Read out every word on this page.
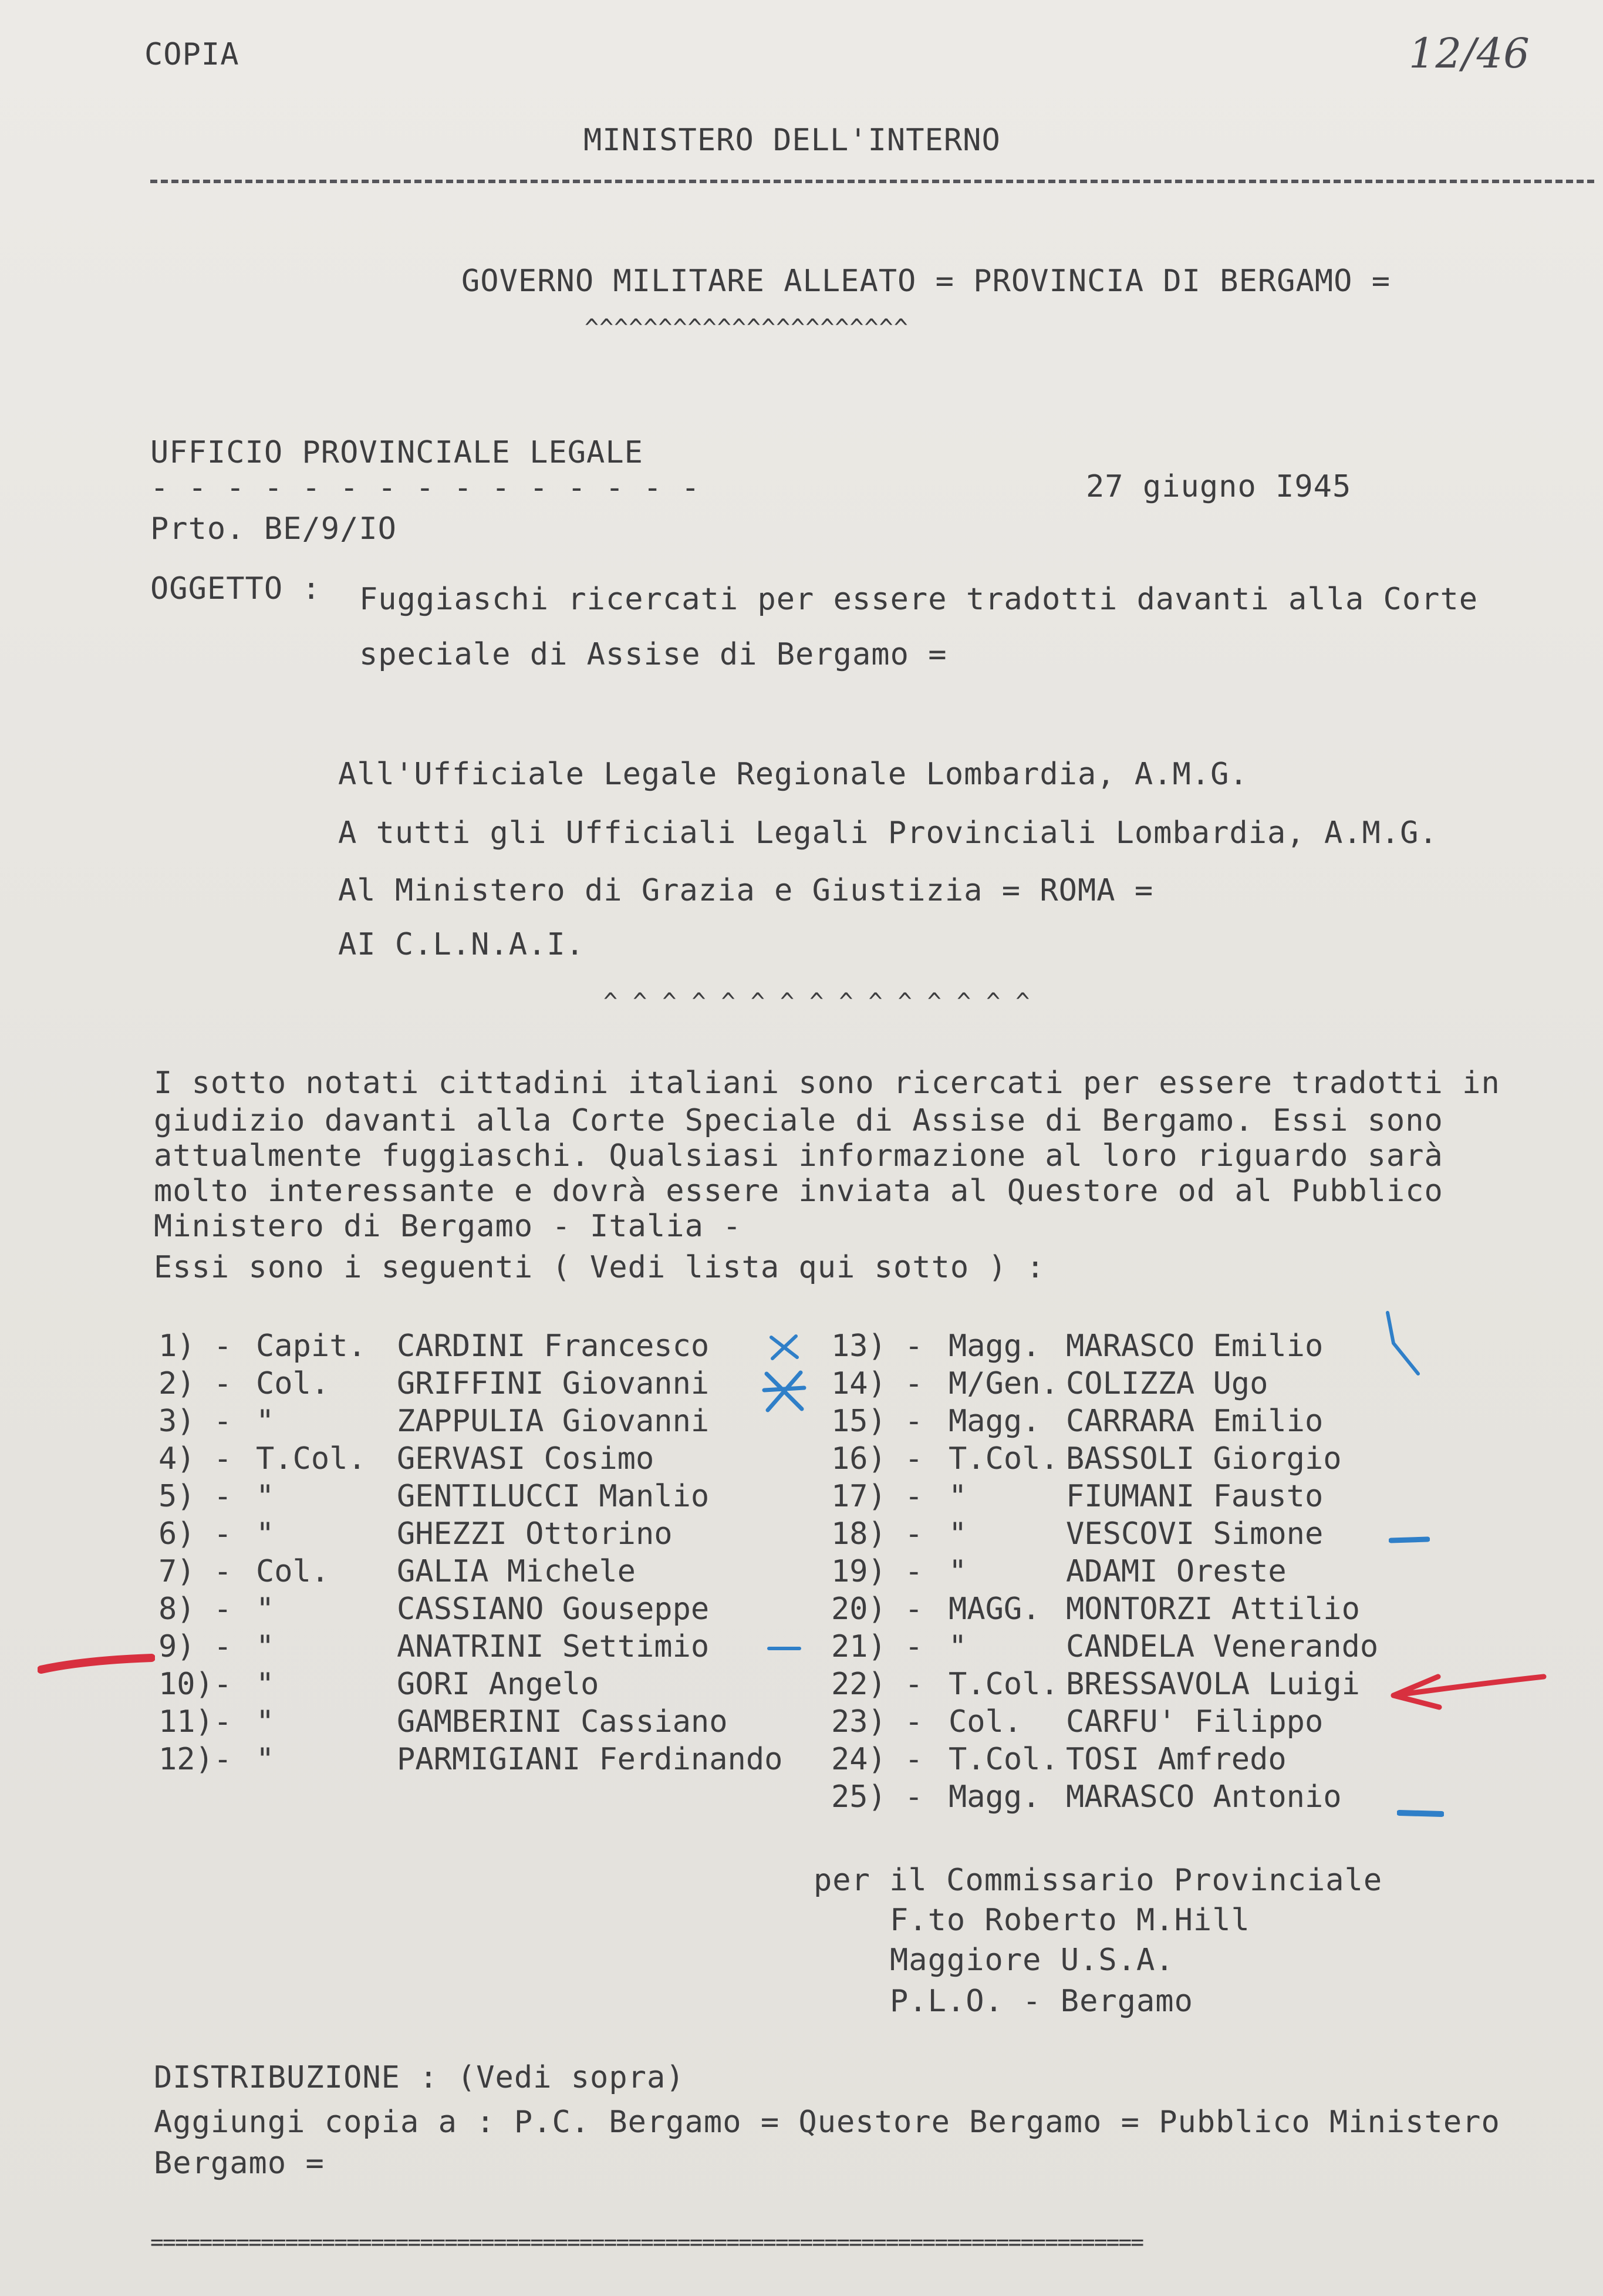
COPIA	12/46
MINISTERO DELL'INTERNO
GOVERNO MILITARE ALLEATO = PROVINCIA DI BERGAMO =
^^^^^^^^^^^^^^^^^^^^^^
UFFICIO PROVINCIALE LEGALE
- - - - - - - - - - - - - - -	27 giugno I945
Prto. BE/9/IO
OGGETTO : Fuggiaschi ricercati per essere tradotti davanti alla Corte
speciale di Assise di Bergamo =
All'Ufficiale Legale Regionale Lombardia, A.M.G.
A tutti gli Ufficiali Legali Provinciali Lombardia, A.M.G.
Al Ministero di Grazia e Giustizia = ROMA =
AI C.L.N.A.I.
^ ^ ^ ^ ^ ^ ^ ^ ^ ^ ^ ^ ^ ^ ^
I sotto notati cittadini italiani sono ricercati per essere tradotti in
giudizio davanti alla Corte Speciale di Assise di Bergamo. Essi sono
attualmente fuggiaschi. Qualsiasi informazione al loro riguardo sarà
molto interessante e dovrà essere inviata al Questore od al Pubblico
Ministero di Bergamo - Italia -
Essi sono i seguenti ( Vedi lista qui sotto ) :
1) - Capit. CARDINI Francesco
2) - Col. GRIFFINI Giovanni
3) - "	ZAPPULIA Giovanni
4) - T.Col. GERVASI Cosimo
5) - "	GENTILUCCI Manlio
6) - "	GHEZZI Ottorino
7) - Col. GALIA Michele
8) - "	CASSIANO Gouseppe
9) - "	ANATRINI Settimio
10)- "	GORI Angelo
11)- "	GAMBERINI Cassiano
12)- "	PARMIGIANI Ferdinando
13) - Magg. MARASCO Emilio
14) - M/Gen. COLIZZA Ugo
15) - Magg. CARRARA Emilio
16) - T.Col. BASSOLI Giorgio
17) - "	FIUMANI Fausto
18) - "	VESCOVI Simone
19) - "	ADAMI Oreste
20) - MAGG. MONTORZI Attilio
21) - "	CANDELA Venerando
22) - T.Col. BRESSAVOLA Luigi
23) - Col. CARFU' Filippo
24) - T.Col. TOSI Amfredo
25) - Magg. MARASCO Antonio
per il Commissario Provinciale
F.to Roberto M.Hill
Maggiore U.S.A.
P.L.O. - Bergamo
DISTRIBUZIONE : (Vedi sopra)
Aggiungi copia a : P.C. Bergamo = Questore Bergamo = Pubblico Ministero
Bergamo =
=================================================================================
